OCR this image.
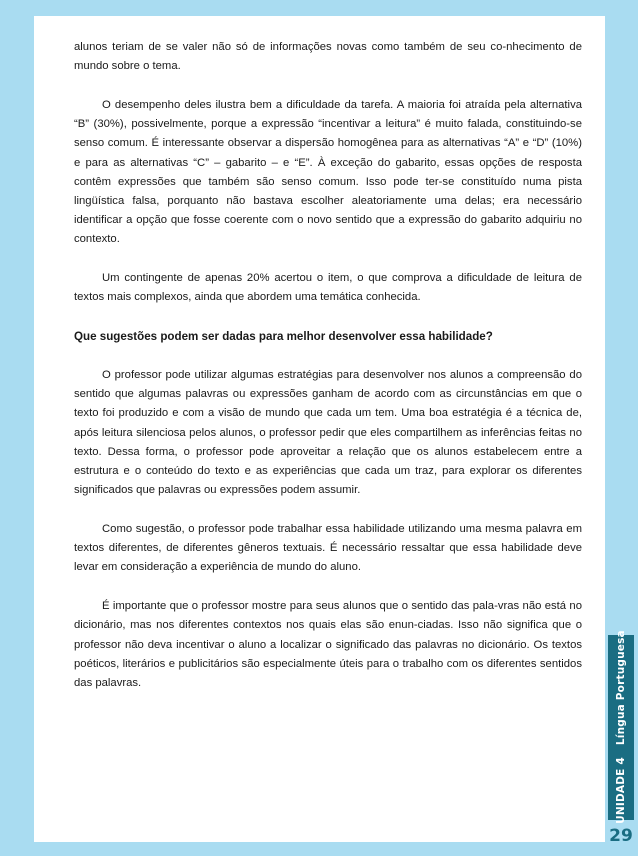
alunos teriam de se valer não só de informações novas como também de seu co-nhecimento de mundo sobre o tema.

O desempenho deles ilustra bem a dificuldade da tarefa. A maioria foi atraída pela alternativa “B” (30%), possivelmente, porque a expressão “incentivar a leitura” é muito falada, constituindo-se senso comum. É interessante observar a dispersão homogênea para as alternativas “A” e “D” (10%) e para as alternativas “C” – gabarito – e “E”. À exceção do gabarito, essas opções de resposta contêm expressões que também são senso comum. Isso pode ter-se constituído numa pista lingüística falsa, porquanto não bastava escolher aleatoriamente uma delas; era necessário identificar a opção que fosse coerente com o novo sentido que a expressão do gabarito adquiriu no contexto.

Um contingente de apenas 20% acertou o item, o que comprova a dificuldade de leitura de textos mais complexos, ainda que abordem uma temática conhecida.

Que sugestões podem ser dadas para melhor desenvolver essa habilidade?

O professor pode utilizar algumas estratégias para desenvolver nos alunos a compreensão do sentido que algumas palavras ou expressões ganham de acordo com as circunstâncias em que o texto foi produzido e com a visão de mundo que cada um tem. Uma boa estratégia é a técnica de, após leitura silenciosa pelos alunos, o professor pedir que eles compartilhem as inferências feitas no texto. Dessa forma, o professor pode aproveitar a relação que os alunos estabelecem entre a estrutura e o conteúdo do texto e as experiências que cada um traz, para explorar os diferentes significados que palavras ou expressões podem assumir.

Como sugestão, o professor pode trabalhar essa habilidade utilizando uma mesma palavra em textos diferentes, de diferentes gêneros textuais. É necessário ressaltar que essa habilidade deve levar em consideração a experiência de mundo do aluno.

É importante que o professor mostre para seus alunos que o sentido das pala-vras não está no dicionário, mas nos diferentes contextos nos quais elas são enun-ciadas. Isso não significa que o professor não deva incentivar o aluno a localizar o significado das palavras no dicionário. Os textos poéticos, literários e publicitários são especialmente úteis para o trabalho com os diferentes sentidos das palavras.

UNIDADE 4Língua Portuguesa
29
